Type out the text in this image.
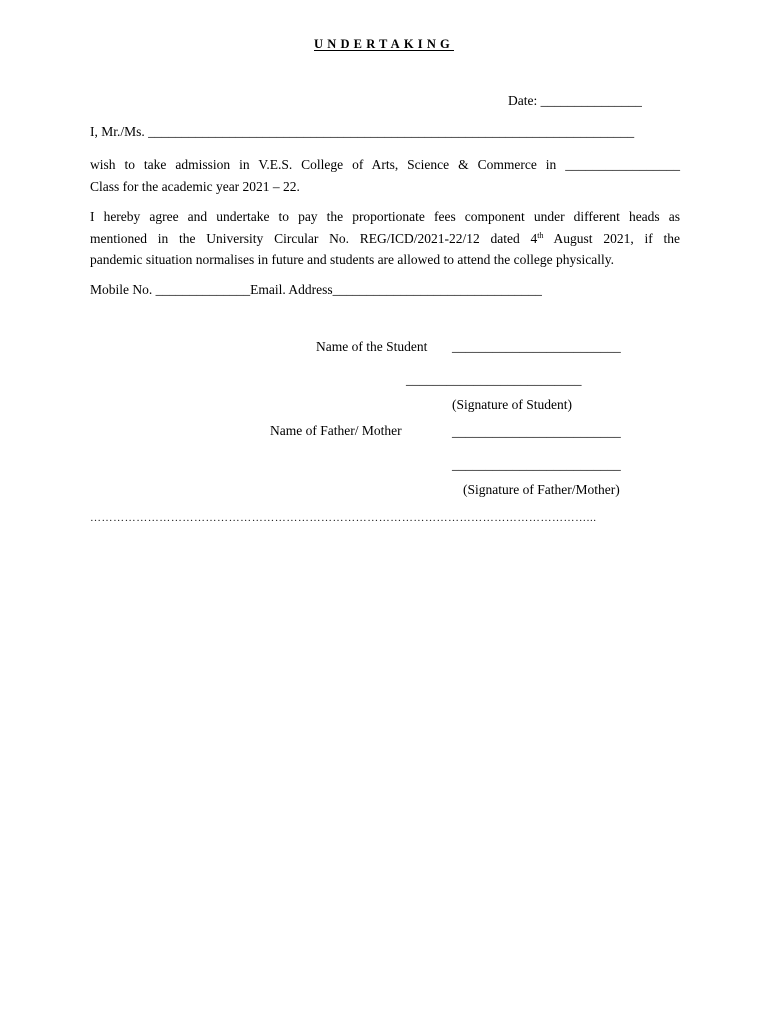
UNDERTAKING
Date: _______________
I, Mr./Ms. ________________________________________________________________________
wish to take admission in V.E.S. College of Arts, Science & Commerce in _________________
Class for the academic year 2021 – 22.
I hereby agree and undertake to pay the proportionate fees component under different heads as
mentioned in the University Circular No. REG/ICD/2021-22/12 dated 4th August 2021, if the
pandemic situation normalises in future and students are allowed to attend the college physically.
Mobile No. ______________Email. Address_______________________________
Name of the Student _________________________
__________________________
(Signature of Student)
Name of Father/ Mother	_________________________
_________________________
(Signature of Father/Mother)
…………………………………………………………………………………………………………………...
